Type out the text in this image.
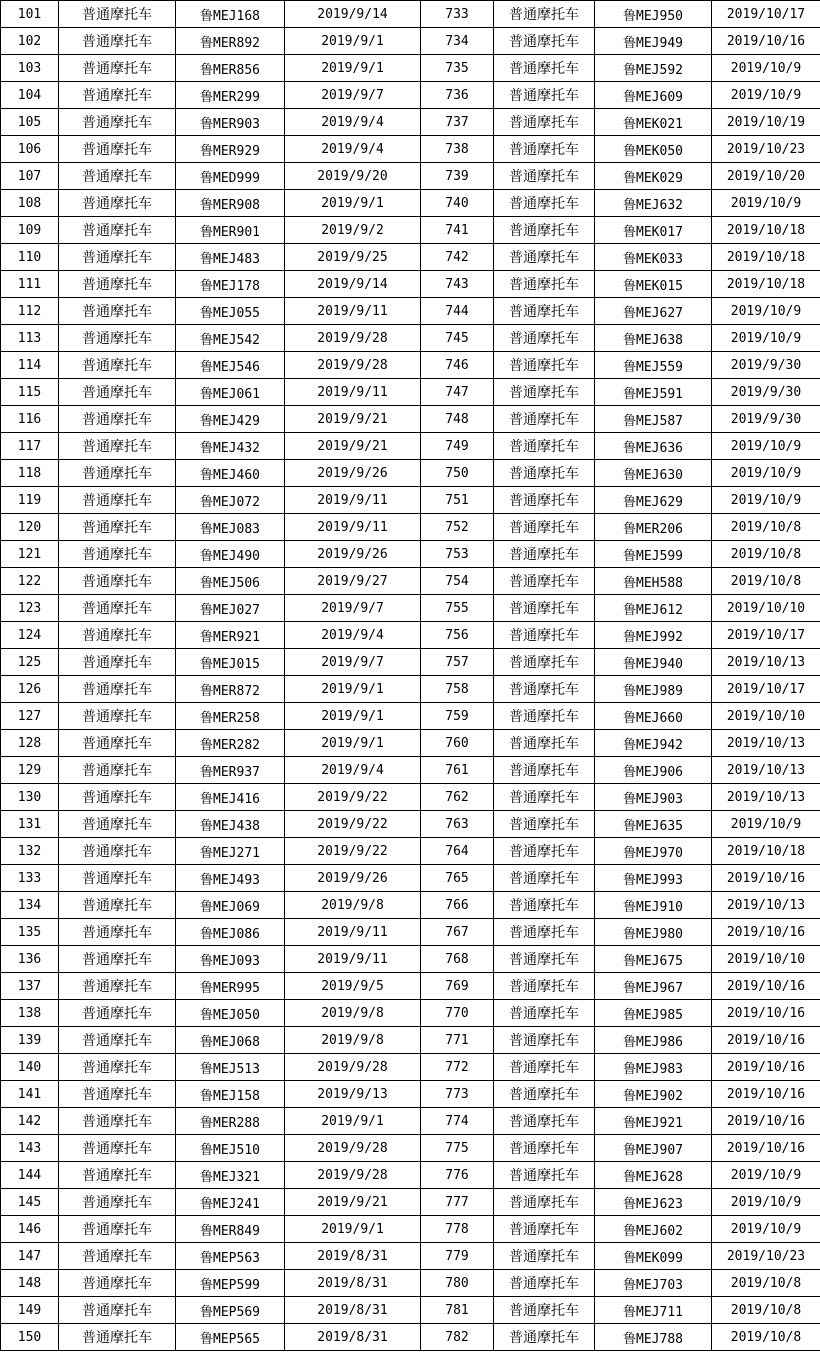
101	普通摩托车	鲁MEJ168	2019/9/14	733	普通摩托车	鲁MEJ950	2019/10/17
102	普通摩托车	鲁MER892	2019/9/1	734	普通摩托车	鲁MEJ949	2019/10/16
103	普通摩托车	鲁MER856	2019/9/1	735	普通摩托车	鲁MEJ592	2019/10/9
104	普通摩托车	鲁MER299	2019/9/7	736	普通摩托车	鲁MEJ609	2019/10/9
105	普通摩托车	鲁MER903	2019/9/4	737	普通摩托车	鲁MEK021	2019/10/19
106	普通摩托车	鲁MER929	2019/9/4	738	普通摩托车	鲁MEK050	2019/10/23
107	普通摩托车	鲁MED999	2019/9/20	739	普通摩托车	鲁MEK029	2019/10/20
108	普通摩托车	鲁MER908	2019/9/1	740	普通摩托车	鲁MEJ632	2019/10/9
109	普通摩托车	鲁MER901	2019/9/2	741	普通摩托车	鲁MEK017	2019/10/18
110	普通摩托车	鲁MEJ483	2019/9/25	742	普通摩托车	鲁MEK033	2019/10/18
111	普通摩托车	鲁MEJ178	2019/9/14	743	普通摩托车	鲁MEK015	2019/10/18
112	普通摩托车	鲁MEJ055	2019/9/11	744	普通摩托车	鲁MEJ627	2019/10/9
113	普通摩托车	鲁MEJ542	2019/9/28	745	普通摩托车	鲁MEJ638	2019/10/9
114	普通摩托车	鲁MEJ546	2019/9/28	746	普通摩托车	鲁MEJ559	2019/9/30
115	普通摩托车	鲁MEJ061	2019/9/11	747	普通摩托车	鲁MEJ591	2019/9/30
116	普通摩托车	鲁MEJ429	2019/9/21	748	普通摩托车	鲁MEJ587	2019/9/30
117	普通摩托车	鲁MEJ432	2019/9/21	749	普通摩托车	鲁MEJ636	2019/10/9
118	普通摩托车	鲁MEJ460	2019/9/26	750	普通摩托车	鲁MEJ630	2019/10/9
119	普通摩托车	鲁MEJ072	2019/9/11	751	普通摩托车	鲁MEJ629	2019/10/9
120	普通摩托车	鲁MEJ083	2019/9/11	752	普通摩托车	鲁MER206	2019/10/8
121	普通摩托车	鲁MEJ490	2019/9/26	753	普通摩托车	鲁MEJ599	2019/10/8
122	普通摩托车	鲁MEJ506	2019/9/27	754	普通摩托车	鲁MEH588	2019/10/8
123	普通摩托车	鲁MEJ027	2019/9/7	755	普通摩托车	鲁MEJ612	2019/10/10
124	普通摩托车	鲁MER921	2019/9/4	756	普通摩托车	鲁MEJ992	2019/10/17
125	普通摩托车	鲁MEJ015	2019/9/7	757	普通摩托车	鲁MEJ940	2019/10/13
126	普通摩托车	鲁MER872	2019/9/1	758	普通摩托车	鲁MEJ989	2019/10/17
127	普通摩托车	鲁MER258	2019/9/1	759	普通摩托车	鲁MEJ660	2019/10/10
128	普通摩托车	鲁MER282	2019/9/1	760	普通摩托车	鲁MEJ942	2019/10/13
129	普通摩托车	鲁MER937	2019/9/4	761	普通摩托车	鲁MEJ906	2019/10/13
130	普通摩托车	鲁MEJ416	2019/9/22	762	普通摩托车	鲁MEJ903	2019/10/13
131	普通摩托车	鲁MEJ438	2019/9/22	763	普通摩托车	鲁MEJ635	2019/10/9
132	普通摩托车	鲁MEJ271	2019/9/22	764	普通摩托车	鲁MEJ970	2019/10/18
133	普通摩托车	鲁MEJ493	2019/9/26	765	普通摩托车	鲁MEJ993	2019/10/16
134	普通摩托车	鲁MEJ069	2019/9/8	766	普通摩托车	鲁MEJ910	2019/10/13
135	普通摩托车	鲁MEJ086	2019/9/11	767	普通摩托车	鲁MEJ980	2019/10/16
136	普通摩托车	鲁MEJ093	2019/9/11	768	普通摩托车	鲁MEJ675	2019/10/10
137	普通摩托车	鲁MER995	2019/9/5	769	普通摩托车	鲁MEJ967	2019/10/16
138	普通摩托车	鲁MEJ050	2019/9/8	770	普通摩托车	鲁MEJ985	2019/10/16
139	普通摩托车	鲁MEJ068	2019/9/8	771	普通摩托车	鲁MEJ986	2019/10/16
140	普通摩托车	鲁MEJ513	2019/9/28	772	普通摩托车	鲁MEJ983	2019/10/16
141	普通摩托车	鲁MEJ158	2019/9/13	773	普通摩托车	鲁MEJ902	2019/10/16
142	普通摩托车	鲁MER288	2019/9/1	774	普通摩托车	鲁MEJ921	2019/10/16
143	普通摩托车	鲁MEJ510	2019/9/28	775	普通摩托车	鲁MEJ907	2019/10/16
144	普通摩托车	鲁MEJ321	2019/9/28	776	普通摩托车	鲁MEJ628	2019/10/9
145	普通摩托车	鲁MEJ241	2019/9/21	777	普通摩托车	鲁MEJ623	2019/10/9
146	普通摩托车	鲁MER849	2019/9/1	778	普通摩托车	鲁MEJ602	2019/10/9
147	普通摩托车	鲁MEP563	2019/8/31	779	普通摩托车	鲁MEK099	2019/10/23
148	普通摩托车	鲁MEP599	2019/8/31	780	普通摩托车	鲁MEJ703	2019/10/8
149	普通摩托车	鲁MEP569	2019/8/31	781	普通摩托车	鲁MEJ711	2019/10/8
150	普通摩托车	鲁MEP565	2019/8/31	782	普通摩托车	鲁MEJ788	2019/10/8
